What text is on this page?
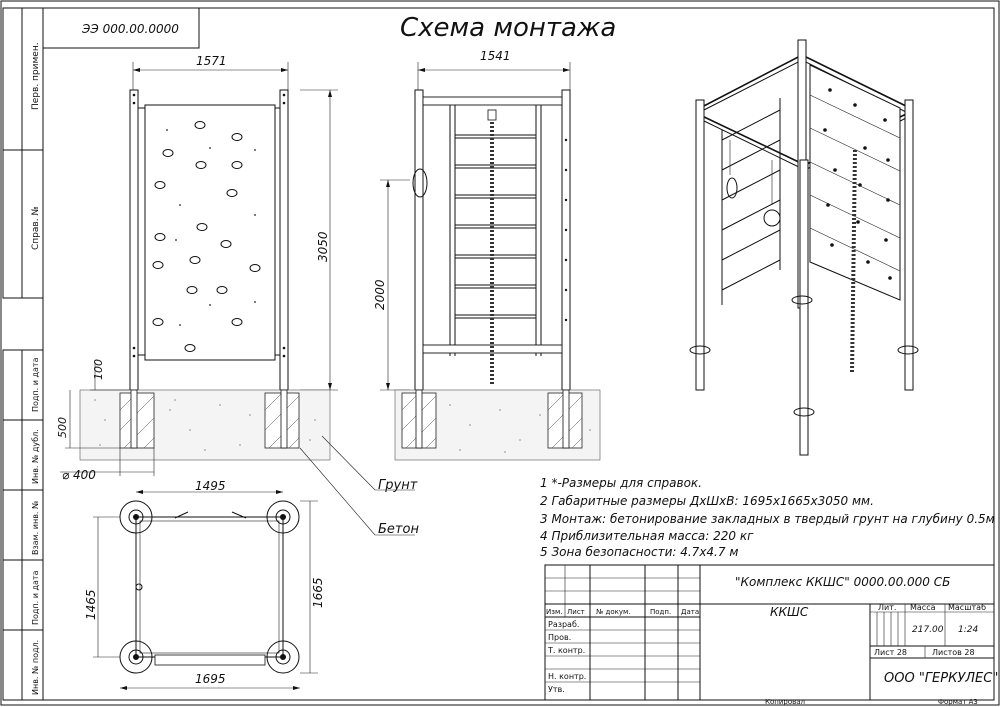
Перв. примен.
Справ. №
Подп. и дата
Инв. № дубл.
Взам. инв. №
Подп. и дата
Инв. № подл.
ЭЭ 000.00.0000	Схема монтажа
1571
3050
100
500
⌀ 400
1541
2000
1495
1465	1665
1695
Грунт
Бетон
1 *-Размеры для справок.
2 Габаритные размеры ДхШхВ: 1695х1665х3050 мм.
3 Монтаж: бетонирование закладных в твердый грунт на глубину 0.5м
4 Приблизительная масса: 220 кг
5 Зона безопасности: 4.7х4.7 м
Изм. Лист № докум.	Подп. Дата
Разраб.
Пров.
Т. контр.
Н. контр.
Утв.
"Комплекс ККШС" 0000.00.000 СБ
ККШС	Лит. Масса Масштаб
217.00 1:24
Лист 28	Листов 28
ООО "ГЕРКУЛЕС"
Копировал	Формат А3
